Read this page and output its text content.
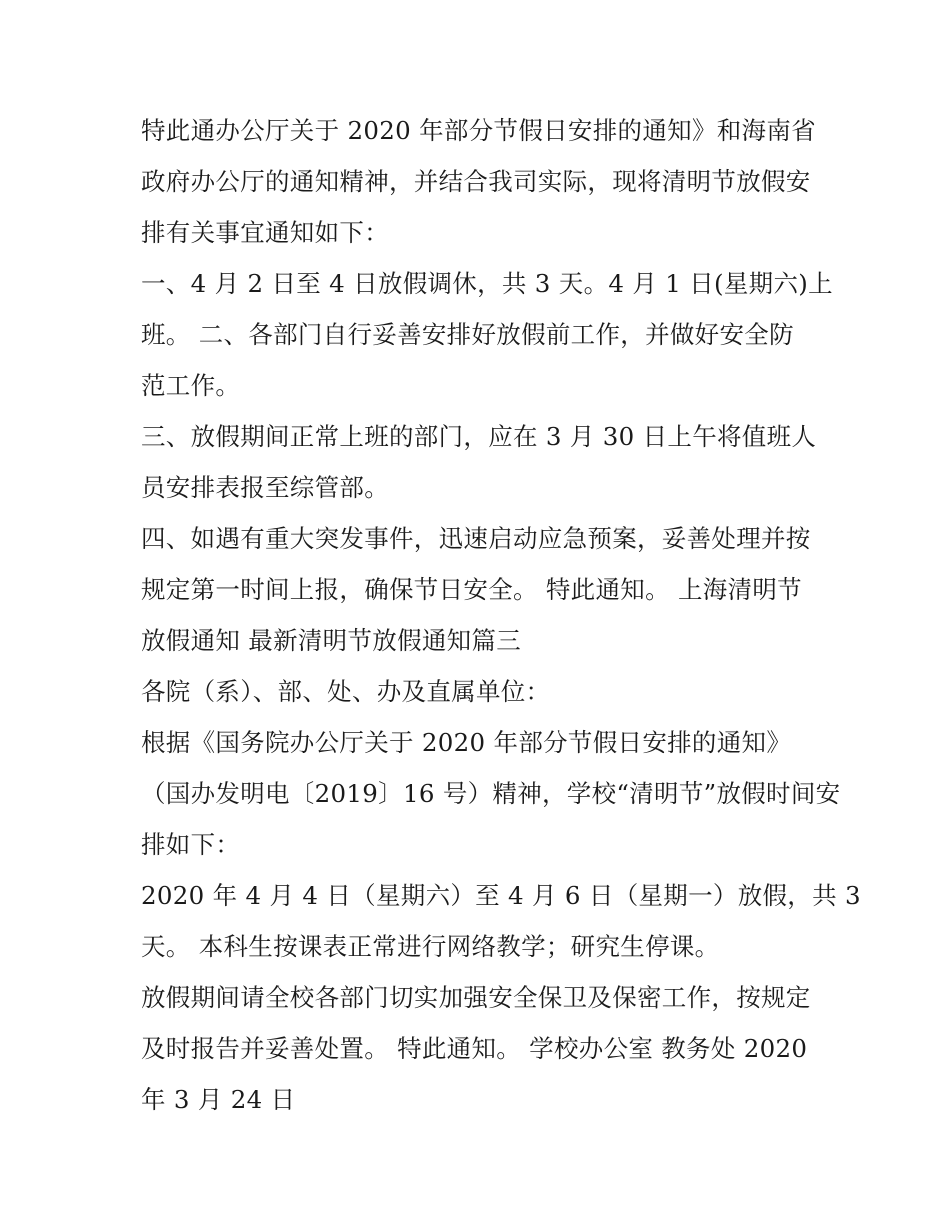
特此通办公厅关于 2020 年部分节假日安排的通知》和海南省
政府办公厅的通知精神，并结合我司实际，现将清明节放假安
排有关事宜通知如下：
一、4 月 2 日至 4 日放假调休，共 3 天。4 月 1 日(星期六)上
班。 二、各部门自行妥善安排好放假前工作，并做好安全防
范工作。
三、放假期间正常上班的部门，应在 3 月 30 日上午将值班人
员安排表报至综管部。
四、如遇有重大突发事件，迅速启动应急预案，妥善处理并按
规定第一时间上报，确保节日安全。 特此通知。 上海清明节
放假通知 最新清明节放假通知篇三
各院（系）、部、处、办及直属单位：
根据《国务院办公厅关于 2020 年部分节假日安排的通知》
（国办发明电〔2019〕16 号）精神，学校“清明节”放假时间安
排如下：
2020 年 4 月 4 日（星期六）至 4 月 6 日（星期一）放假，共 3
天。 本科生按课表正常进行网络教学；研究生停课。
放假期间请全校各部门切实加强安全保卫及保密工作，按规定
及时报告并妥善处置。 特此通知。 学校办公室 教务处 2020
年 3 月 24 日
